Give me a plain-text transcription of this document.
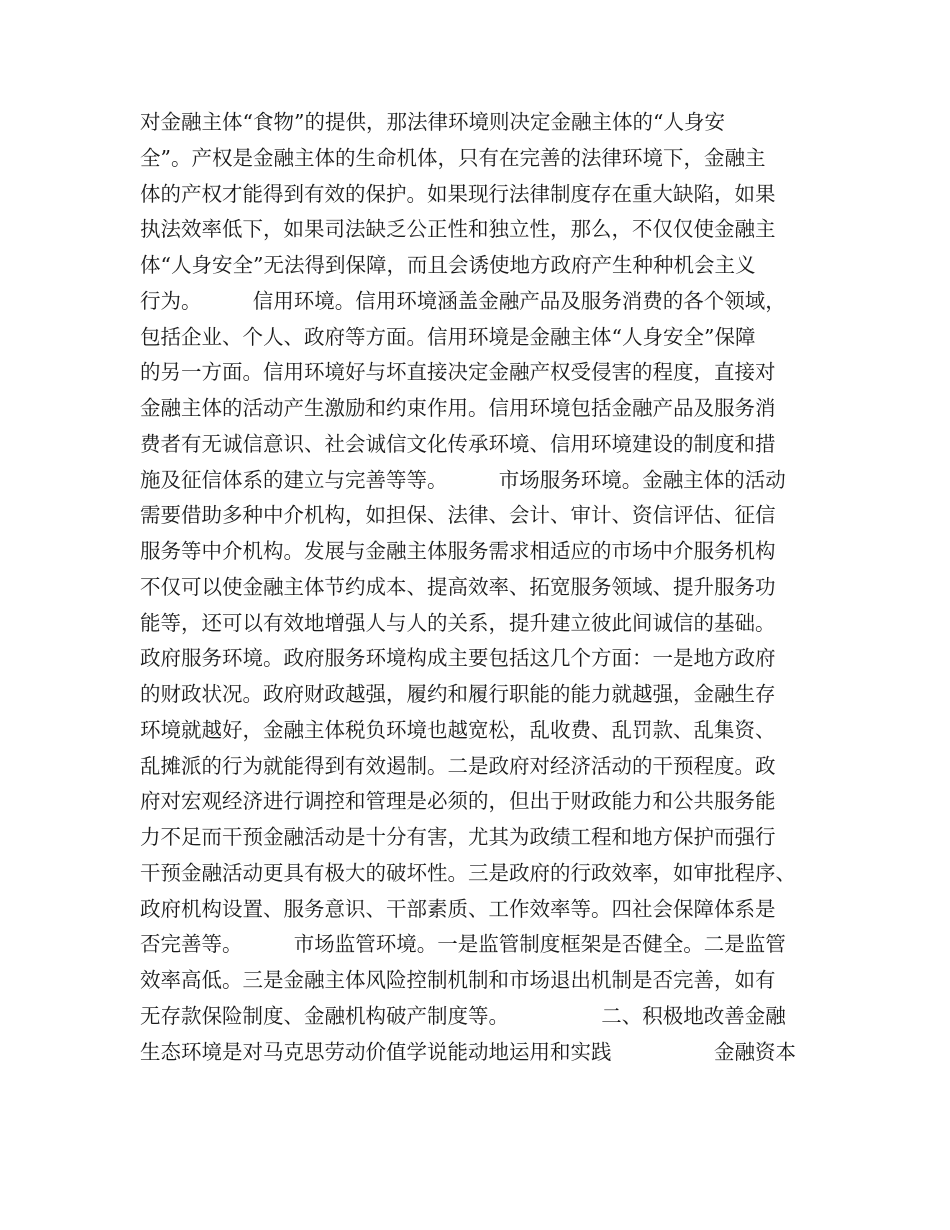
对金融主体“食物”的提供，那法律环境则决定金融主体的“人身安
全”。产权是金融主体的生命机体，只有在完善的法律环境下，金融主
体的产权才能得到有效的保护。如果现行法律制度存在重大缺陷，如果
执法效率低下，如果司法缺乏公正性和独立性，那么，不仅仅使金融主
体“人身安全”无法得到保障，而且会诱使地方政府产生种种机会主义
行为。　　　信用环境。信用环境涵盖金融产品及服务消费的各个领域，
包括企业、个人、政府等方面。信用环境是金融主体“人身安全”保障
的另一方面。信用环境好与坏直接决定金融产权受侵害的程度，直接对
金融主体的活动产生激励和约束作用。信用环境包括金融产品及服务消
费者有无诚信意识、社会诚信文化传承环境、信用环境建设的制度和措
施及征信体系的建立与完善等等。　　　市场服务环境。金融主体的活动
需要借助多种中介机构，如担保、法律、会计、审计、资信评估、征信
服务等中介机构。发展与金融主体服务需求相适应的市场中介服务机构
不仅可以使金融主体节约成本、提高效率、拓宽服务领域、提升服务功
能等，还可以有效地增强人与人的关系，提升建立彼此间诚信的基础。
政府服务环境。政府服务环境构成主要包括这几个方面：一是地方政府
的财政状况。政府财政越强，履约和履行职能的能力就越强，金融生存
环境就越好，金融主体税负环境也越宽松，乱收费、乱罚款、乱集资、
乱摊派的行为就能得到有效遏制。二是政府对经济活动的干预程度。政
府对宏观经济进行调控和管理是必须的，但出于财政能力和公共服务能
力不足而干预金融活动是十分有害，尤其为政绩工程和地方保护而强行
干预金融活动更具有极大的破坏性。三是政府的行政效率，如审批程序、
政府机构设置、服务意识、干部素质、工作效率等。四社会保障体系是
否完善等。　　　市场监管环境。一是监管制度框架是否健全。二是监管
效率高低。三是金融主体风险控制机制和市场退出机制是否完善，如有
无存款保险制度、金融机构破产制度等。　　　　　二、积极地改善金融
生态环境是对马克思劳动价值学说能动地运用和实践　　　　　金融资本
